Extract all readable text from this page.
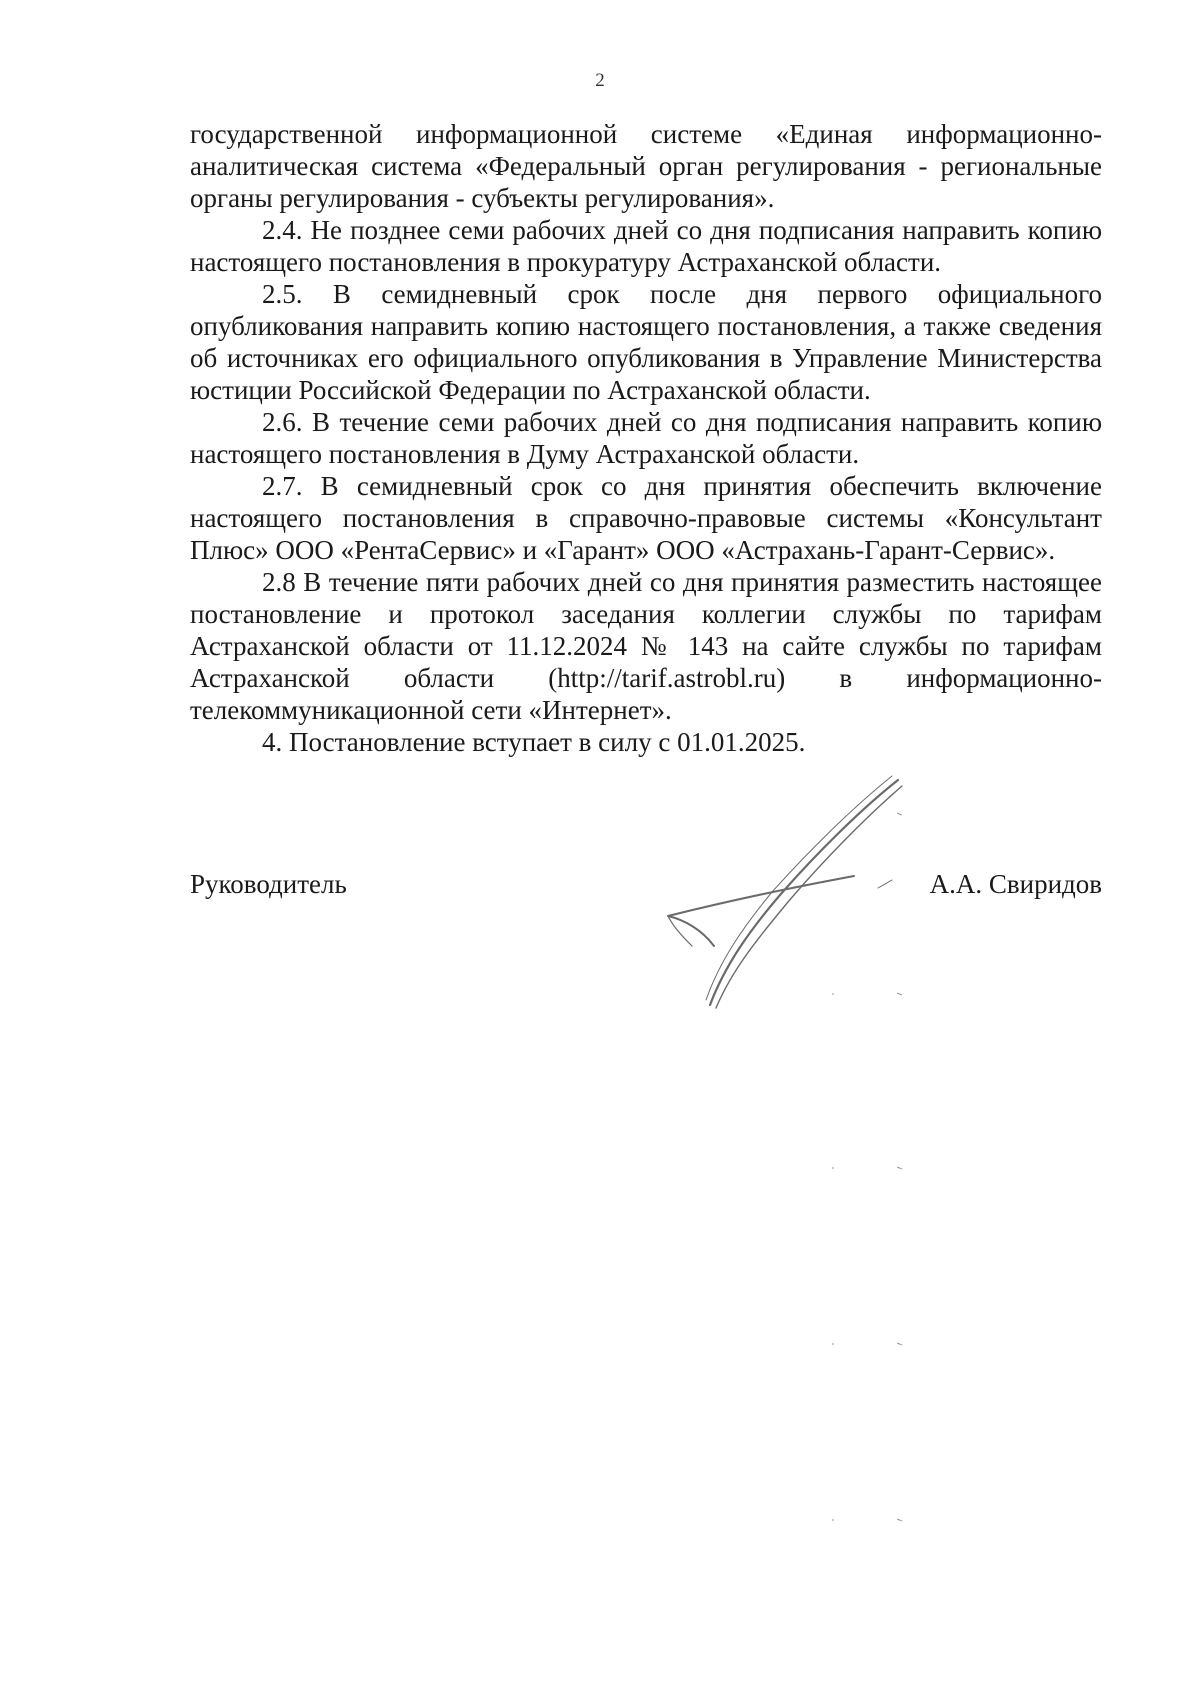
2

государственной информационной системе «Единая информационно-аналитическая система «Федеральный орган регулирования - региональные органы регулирования - субъекты регулирования».

2.4. Не позднее семи рабочих дней со дня подписания направить копию настоящего постановления в прокуратуру Астраханской области.

2.5. В семидневный срок после дня первого официального опубликования направить копию настоящего постановления, а также сведения об источниках его официального опубликования в Управление Министерства юстиции Российской Федерации по Астраханской области.

2.6. В течение семи рабочих дней со дня подписания направить копию настоящего постановления в Думу Астраханской области.

2.7. В семидневный срок со дня принятия обеспечить включение настоящего постановления в справочно-правовые системы «Консультант Плюс» ООО «РентаСервис» и «Гарант» ООО «Астрахань-Гарант-Сервис».

2.8 В течение пяти рабочих дней со дня принятия разместить настоящее постановление и протокол заседания коллегии службы по тарифам Астраханской области от 11.12.2024 № 143 на сайте службы по тарифам Астраханской области (http://tarif.astrobl.ru) в информационно-телекоммуникационной сети «Интернет».

4. Постановление вступает в силу с 01.01.2025.

Руководитель	А.А. Свиридов
